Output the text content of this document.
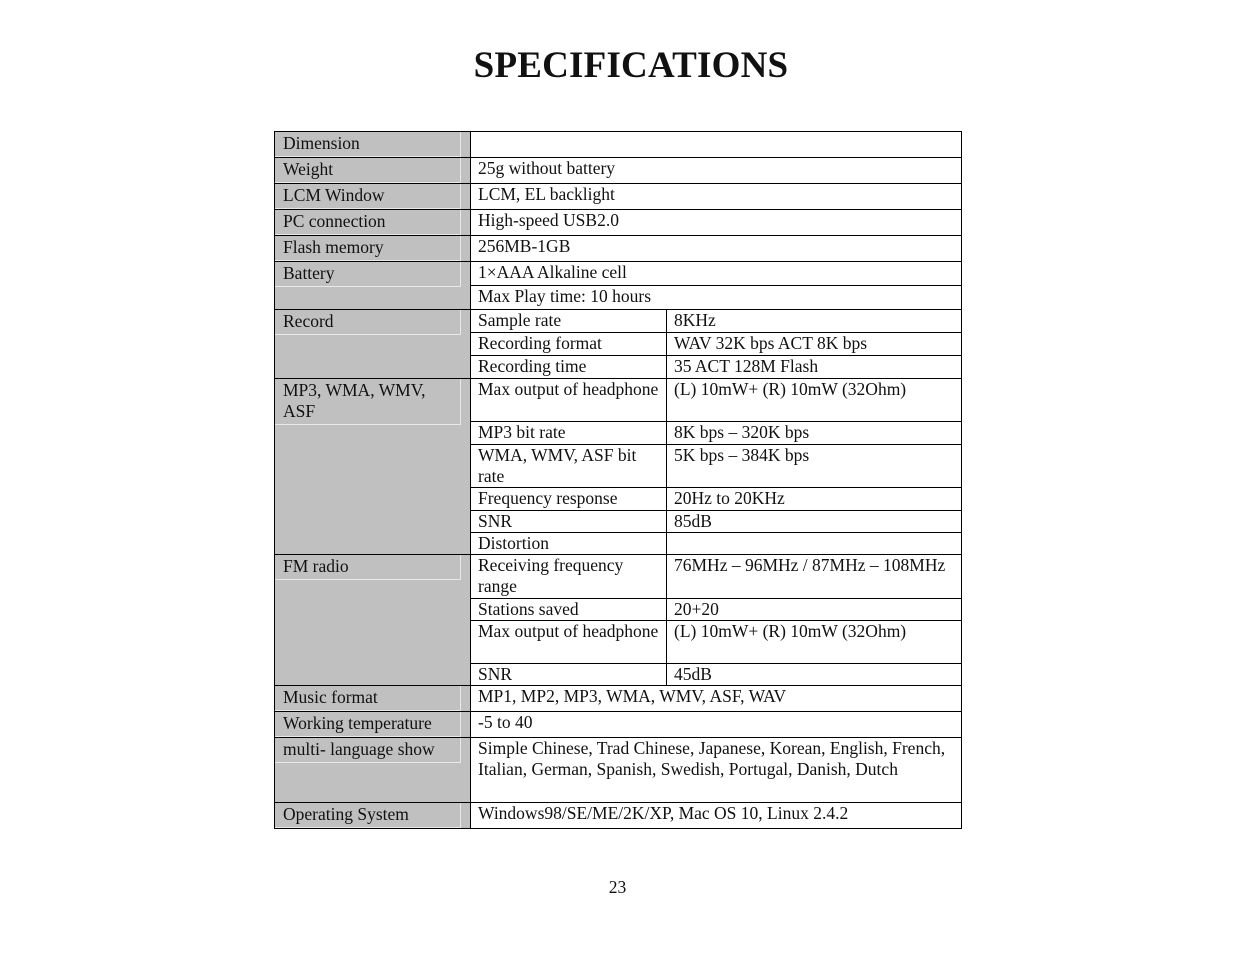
SPECIFICATIONS
Dimension		

Weight	25g without battery	

LCM Window	LCM, EL backlight	

PC connection	High-speed USB2.0	

Flash memory	256MB-1GB	

Battery	1×AAA Alkaline cell	
	Max Play time: 10 hours	

Record	Sample rate	8KHz
	Recording format	WAV 32K bps ACT 8K bps
	Recording time	35 ACT 128M Flash

MP3, WMA, WMV, ASF	Max output of headphone	(L) 10mW+ (R) 10mW (32Ohm)
	MP3 bit rate	8K bps – 320K bps
	WMA, WMV, ASF bit rate	5K bps – 384K bps
	Frequency response	20Hz to 20KHz
	SNR	85dB
	Distortion	

FM radio	Receiving frequency range	76MHz – 96MHz / 87MHz – 108MHz
	Stations saved	20+20
	Max output of headphone	(L) 10mW+ (R) 10mW (32Ohm)
	SNR	45dB

Music format	MP1, MP2, MP3, WMA, WMV, ASF, WAV	

Working temperature	-5 to 40	

multi- language show	Simple Chinese, Trad Chinese, Japanese, Korean, English, French, Italian, German, Spanish, Swedish, Portugal, Danish, Dutch	

Operating System	Windows98/SE/ME/2K/XP, Mac OS 10, Linux 2.4.2	

23
